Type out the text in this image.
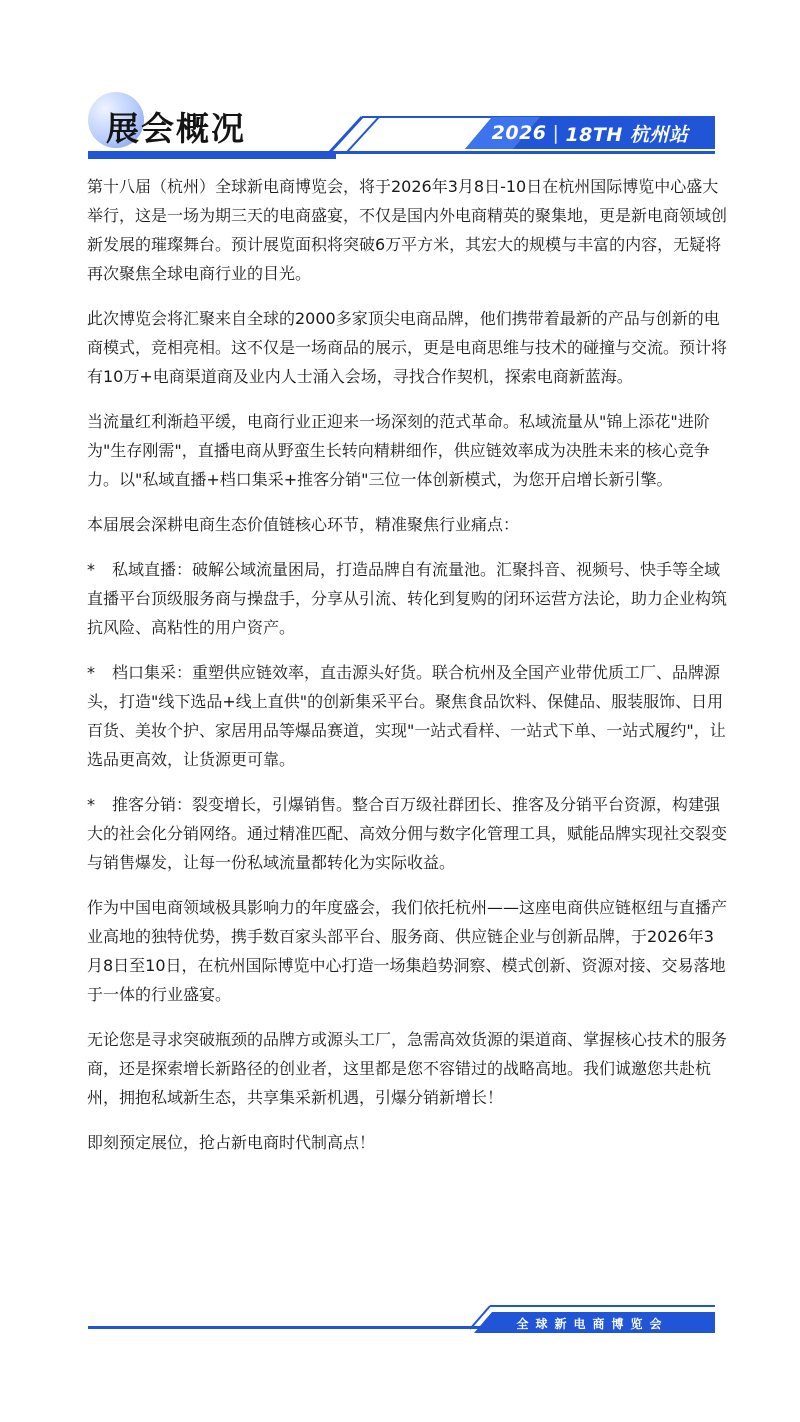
展会概况	2026 | 18TH 杭州站

第十八届（杭州）全球新电商博览会，将于2026年3月8日-10日在杭州国际博览中心盛大举行，这是一场为期三天的电商盛宴，不仅是国内外电商精英的聚集地，更是新电商领域创新发展的璀璨舞台。预计展览面积将突破6万平方米，其宏大的规模与丰富的内容，无疑将再次聚焦全球电商行业的目光。

此次博览会将汇聚来自全球的2000多家顶尖电商品牌，他们携带着最新的产品与创新的电商模式，竞相亮相。这不仅是一场商品的展示，更是电商思维与技术的碰撞与交流。预计将有10万+电商渠道商及业内人士涌入会场，寻找合作契机，探索电商新蓝海。

当流量红利渐趋平缓，电商行业正迎来一场深刻的范式革命。私域流量从"锦上添花"进阶为"生存刚需"，直播电商从野蛮生长转向精耕细作，供应链效率成为决胜未来的核心竞争力。以"私域直播+档口集采+推客分销"三位一体创新模式，为您开启增长新引擎。

本届展会深耕电商生态价值链核心环节，精准聚焦行业痛点：

* 私域直播：破解公域流量困局，打造品牌自有流量池。汇聚抖音、视频号、快手等全域直播平台顶级服务商与操盘手，分享从引流、转化到复购的闭环运营方法论，助力企业构筑抗风险、高粘性的用户资产。

* 档口集采：重塑供应链效率，直击源头好货。联合杭州及全国产业带优质工厂、品牌源头，打造"线下选品+线上直供"的创新集采平台。聚焦食品饮料、保健品、服装服饰、日用百货、美妆个护、家居用品等爆品赛道，实现"一站式看样、一站式下单、一站式履约"，让选品更高效，让货源更可靠。

* 推客分销：裂变增长，引爆销售。整合百万级社群团长、推客及分销平台资源，构建强大的社会化分销网络。通过精准匹配、高效分佣与数字化管理工具，赋能品牌实现社交裂变与销售爆发，让每一份私域流量都转化为实际收益。

作为中国电商领域极具影响力的年度盛会，我们依托杭州——这座电商供应链枢纽与直播产业高地的独特优势，携手数百家头部平台、服务商、供应链企业与创新品牌，于2026年3月8日至10日，在杭州国际博览中心打造一场集趋势洞察、模式创新、资源对接、交易落地于一体的行业盛宴。

无论您是寻求突破瓶颈的品牌方或源头工厂，急需高效货源的渠道商、掌握核心技术的服务商，还是探索增长新路径的创业者，这里都是您不容错过的战略高地。我们诚邀您共赴杭州，拥抱私域新生态，共享集采新机遇，引爆分销新增长！

即刻预定展位，抢占新电商时代制高点！

全球新电商博览会
